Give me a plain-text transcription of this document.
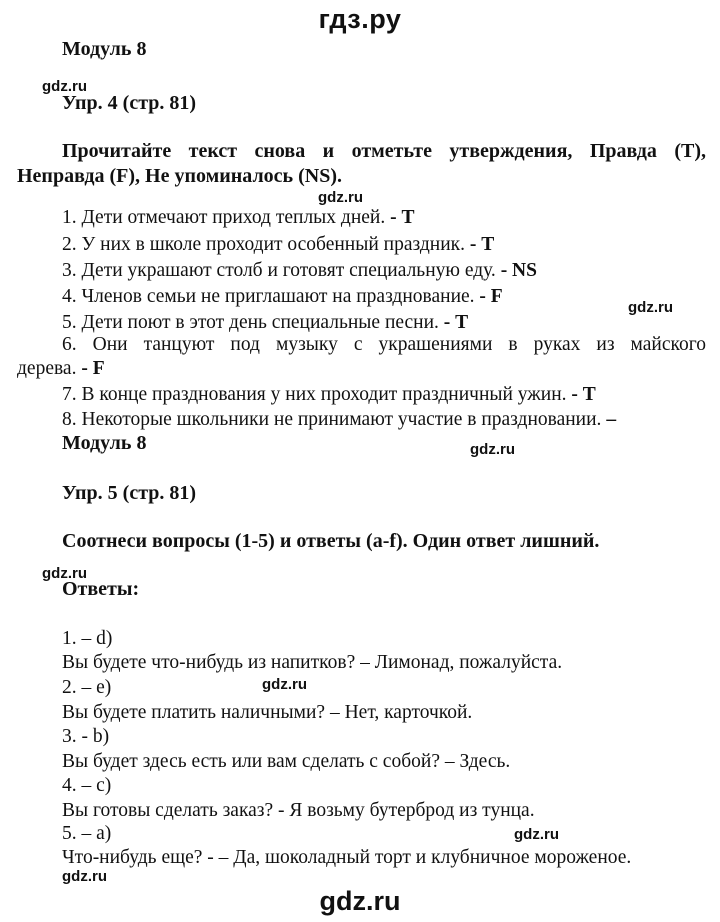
гдз.ру
gdz.ru
gdz.ru
gdz.ru
gdz.ru
gdz.ru
gdz.ru
gdz.ru
gdz.ru
gdz.ru
Модуль 8
Упр. 4 (стр. 81)
Прочитайте текст снова и отметьте утверждения, Правда (T),
Неправда (F), Не упоминалось (NS).
1. Дети отмечают приход теплых дней. - T
2. У них в школе проходит особенный праздник. - T
3. Дети украшают столб и готовят специальную еду. - NS
4. Членов семьи не приглашают на празднование. - F
5. Дети поют в этот день специальные песни. - T
6. Они танцуют под музыку с украшениями в руках из майского
дерева. - F
7. В конце празднования у них проходит праздничный ужин. - T
8. Некоторые школьники не принимают участие в праздновании. –
Модуль 8
Упр. 5 (стр. 81)
Соотнеси вопросы (1-5) и ответы (a-f). Один ответ лишний.
Ответы:
1. – d)
Вы будете что-нибудь из напитков? – Лимонад, пожалуйста.
2. – e)
Вы будете платить наличными? – Нет, карточкой.
3. - b)
Вы будет здесь есть или вам сделать с собой? – Здесь.
4. – c)
Вы готовы сделать заказ? - Я возьму бутерброд из тунца.
5. – a)
Что-нибудь еще? - – Да, шоколадный торт и клубничное мороженое.
